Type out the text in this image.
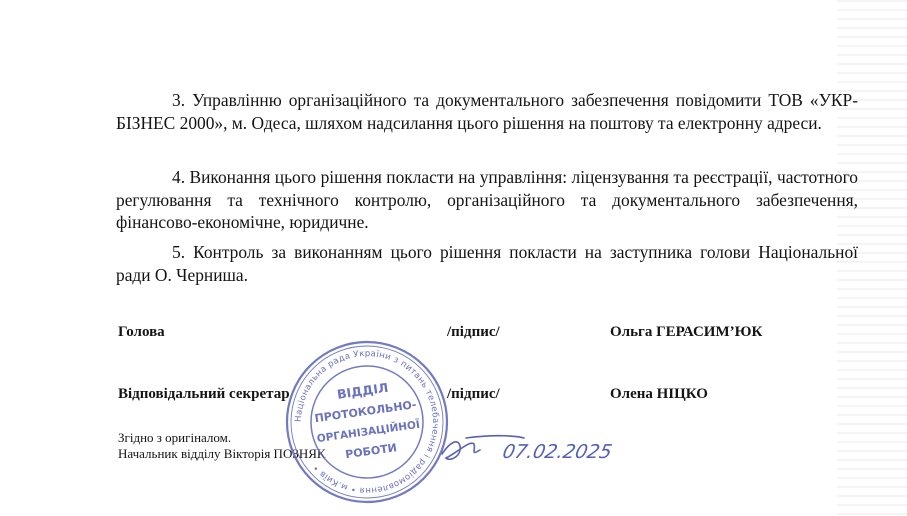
3. Управлінню організаційного та документального забезпечення повідомити ТОВ «УКР-БІЗНЕС 2000», м. Одеса, шляхом надсилання цього рішення на поштову та електронну адреси.

4. Виконання цього рішення покласти на управління: ліцензування та реєстрації, частотного регулювання та технічного контролю, організаційного та документального забезпечення, фінансово-економічне, юридичне.

5. Контроль за виконанням цього рішення покласти на заступника голови Національної ради О. Черниша.

Голова	/підпис/	Ольга ГЕРАСИМ’ЮК
Відповідальний секретар	/підпис/	Олена НІЦКО
Згідно з оригіналом.
Начальник відділу Вікторія ПОЗНЯК
Національна рада України з питань телебачення і радіомовлення • м.Київ •
ВІДДІЛ
ПРОТОКОЛЬНО-
ОРГАНІЗАЦІЙНОЇ
РОБОТИ	07.02.2025
